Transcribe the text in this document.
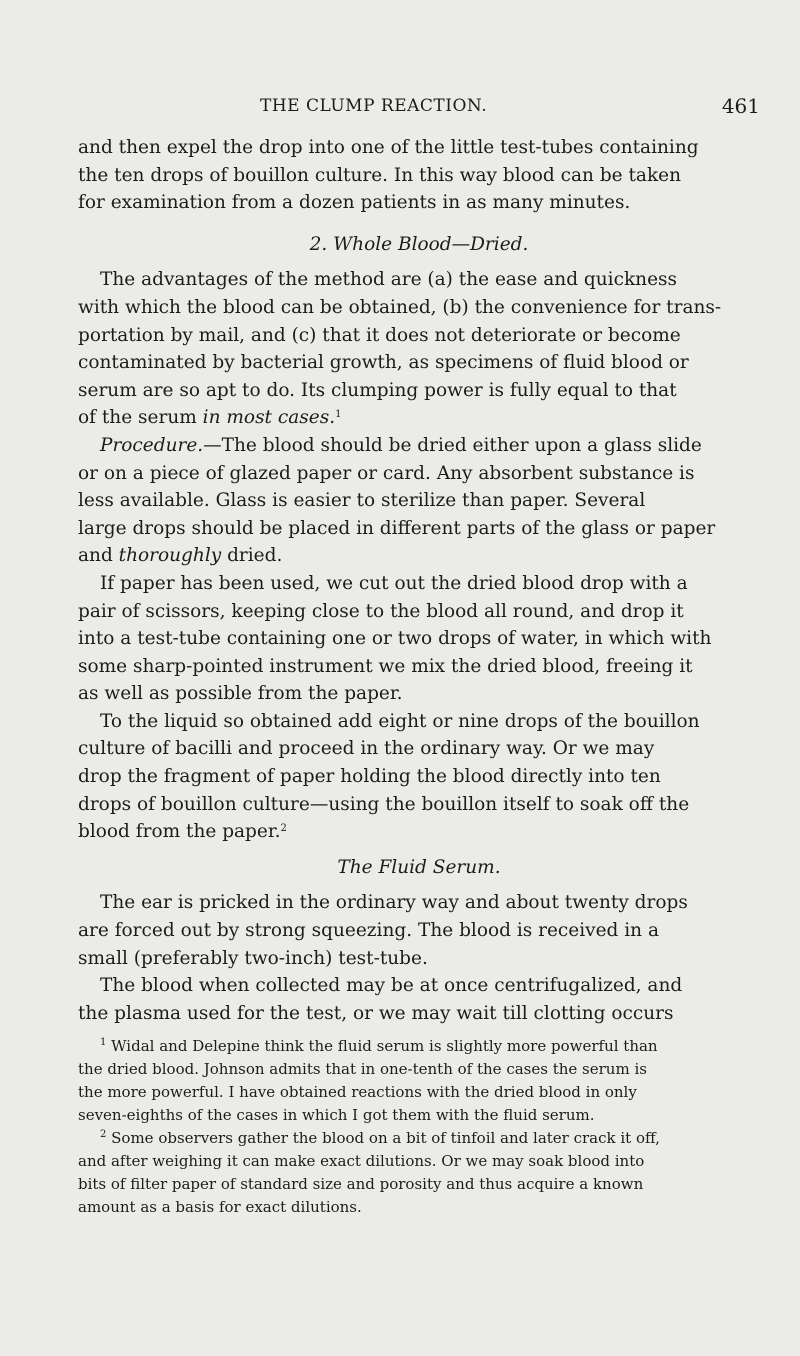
THE CLUMP REACTION.	461

and then expel the drop into one of the little test-tubes containing

the ten drops of bouillon culture. In this way blood can be taken

for examination from a dozen patients in as many minutes.

2. Whole Blood—Dried.

The advantages of the method are (a) the ease and quickness

with which the blood can be obtained, (b) the convenience for trans-

portation by mail, and (c) that it does not deteriorate or become

contaminated by bacterial growth, as specimens of fluid blood or

serum are so apt to do. Its clumping power is fully equal to that

of the serum in most cases.$^1$

Procedure.—The blood should be dried either upon a glass slide

or on a piece of glazed paper or card. Any absorbent substance is

less available. Glass is easier to sterilize than paper. Several

large drops should be placed in different parts of the glass or paper

and thoroughly dried.

If paper has been used, we cut out the dried blood drop with a

pair of scissors, keeping close to the blood all round, and drop it

into a test-tube containing one or two drops of water, in which with

some sharp-pointed instrument we mix the dried blood, freeing it

as well as possible from the paper.

To the liquid so obtained add eight or nine drops of the bouillon

culture of bacilli and proceed in the ordinary way. Or we may

drop the fragment of paper holding the blood directly into ten

drops of bouillon culture—using the bouillon itself to soak off the

blood from the paper.$^2$

The Fluid Serum.

The ear is pricked in the ordinary way and about twenty drops

are forced out by strong squeezing. The blood is received in a

small (preferably two-inch) test-tube.

The blood when collected may be at once centrifugalized, and

the plasma used for the test, or we may wait till clotting occurs

$^1$ Widal and Delepine think the fluid serum is slightly more powerful than

the dried blood. Johnson admits that in one-tenth of the cases the serum is

the more powerful. I have obtained reactions with the dried blood in only

seven-eighths of the cases in which I got them with the fluid serum.

$^2$ Some observers gather the blood on a bit of tinfoil and later crack it off,

and after weighing it can make exact dilutions. Or we may soak blood into

bits of filter paper of standard size and porosity and thus acquire a known

amount as a basis for exact dilutions.
